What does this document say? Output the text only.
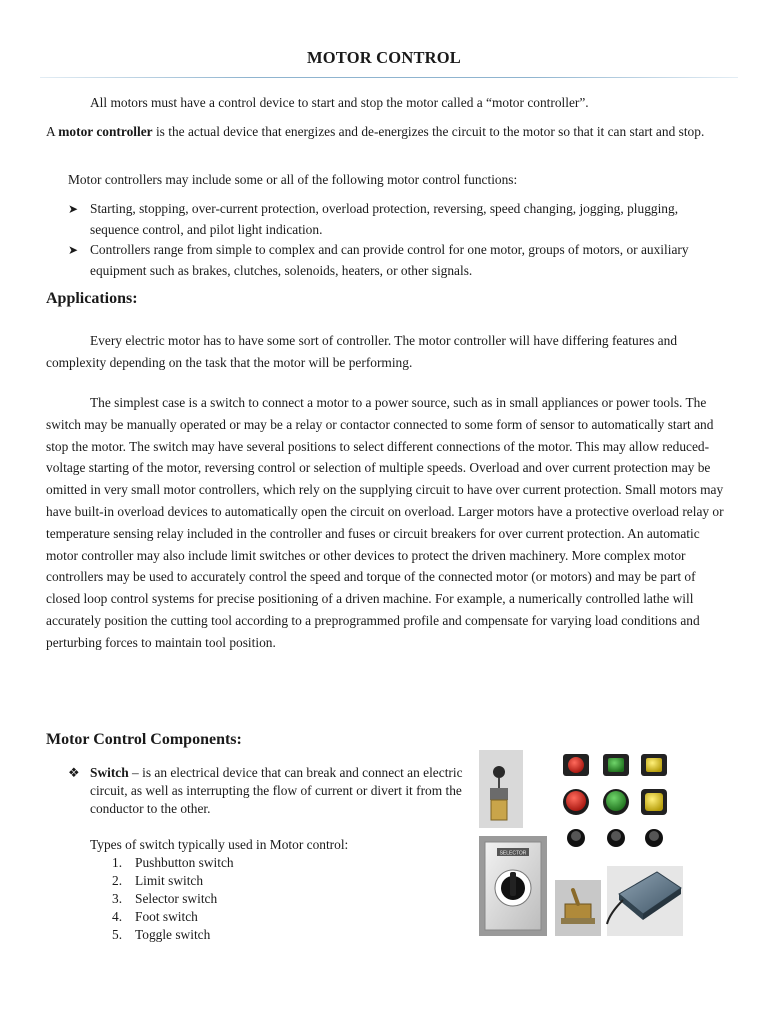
MOTOR CONTROL

All motors must have a control device to start and stop the motor called a “motor controller”.

A motor controller is the actual device that energizes and de-energizes the circuit to the motor so that it can start and stop.

Motor controllers may include some or all of the following motor control functions:

➤ Starting, stopping, over-current protection, overload protection, reversing, speed changing, jogging, plugging, sequence control, and pilot light indication.
➤ Controllers range from simple to complex and can provide control for one motor, groups of motors, or auxiliary equipment such as brakes, clutches, solenoids, heaters, or other signals.
Applications:

Every electric motor has to have some sort of controller. The motor controller will have differing features and complexity depending on the task that the motor will be performing.

The simplest case is a switch to connect a motor to a power source, such as in small appliances or power tools. The switch may be manually operated or may be a relay or contactor connected to some form of sensor to automatically start and stop the motor. The switch may have several positions to select different connections of the motor. This may allow reduced-voltage starting of the motor, reversing control or selection of multiple speeds. Overload and over current protection may be omitted in very small motor controllers, which rely on the supplying circuit to have over current protection. Small motors may have built-in overload devices to automatically open the circuit on overload. Larger motors have a protective overload relay or temperature sensing relay included in the controller and fuses or circuit breakers for over current protection. An automatic motor controller may also include limit switches or other devices to protect the driven machinery. More complex motor controllers may be used to accurately control the speed and torque of the connected motor (or motors) and may be part of closed loop control systems for precise positioning of a driven machine. For example, a numerically controlled lathe will accurately position the cutting tool according to a preprogrammed profile and compensate for varying load conditions and perturbing forces to maintain tool position.

Motor Control Components:
❖ Switch – is an electrical device that can break and connect an electric circuit, as well as interrupting the flow of current or divert it from the conductor to the other.
Types of switch typically used in Motor control:
1. Pushbutton switch
2. Limit switch
3. Selector switch
4. Foot switch
5. Toggle switch
SELECTOR
